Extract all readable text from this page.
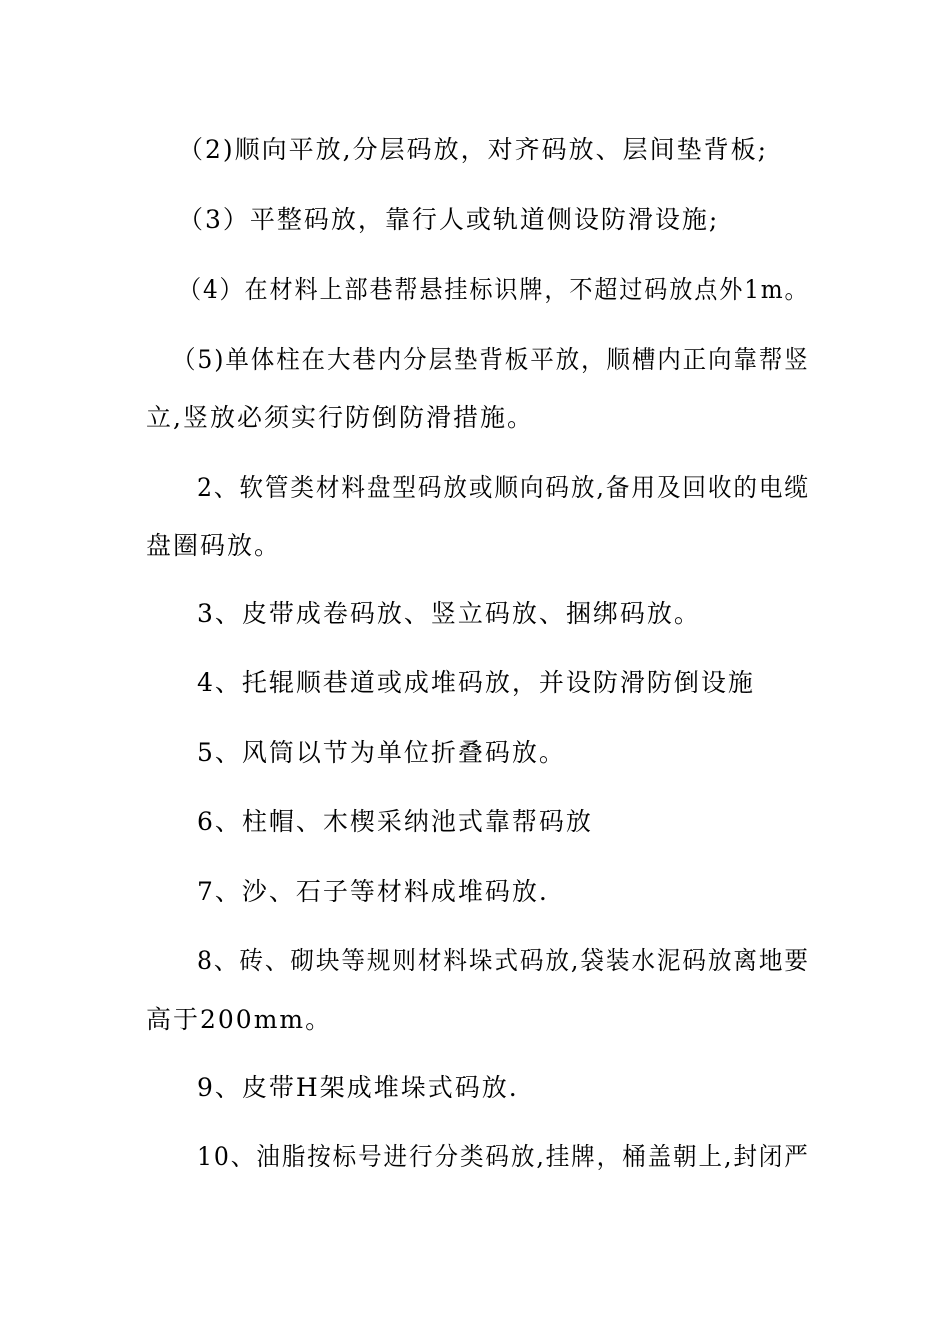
（2)顺向平放,分层码放，对齐码放、层间垫背板;
（3）平整码放，靠行人或轨道侧设防滑设施;
（4）在材料上部巷帮悬挂标识牌，不超过码放点外1m。
（5)单体柱在大巷内分层垫背板平放，顺槽内正向靠帮竖
立,竖放必须实行防倒防滑措施。
2、软管类材料盘型码放或顺向码放,备用及回收的电缆
盘圈码放。
3、皮带成卷码放、竖立码放、捆绑码放。
4、托辊顺巷道或成堆码放，并设防滑防倒设施
5、风筒以节为单位折叠码放。
6、柱帽、木楔采纳池式靠帮码放
7、沙、石子等材料成堆码放.
8、砖、砌块等规则材料垛式码放,袋装水泥码放离地要
高于200mm。
9、皮带H架成堆垛式码放.
10、油脂按标号进行分类码放,挂牌，桶盖朝上,封闭严
